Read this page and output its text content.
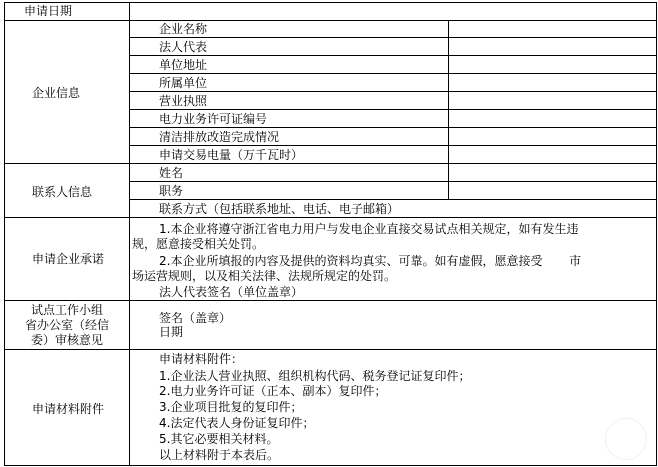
申请日期
企业信息
企业名称
法人代表
单位地址
所属单位
营业执照
电力业务许可证编号
清洁排放改造完成情况
申请交易电量（万千瓦时）
联系人信息
姓名
职务
联系方式（包括联系地址、电话、电子邮箱）
申请企业承诺
1.本企业将遵守浙江省电力用户与发电企业直接交易试点相关规定，如有发生违
规，愿意接受相关处罚。
2.本企业所填报的内容及提供的资料均真实、可靠。如有虚假，愿意接受       市
场运营规则，以及相关法律、法规所规定的处罚。
法人代表签名（单位盖章）
试点工作小组
省办公室（经信
委）审核意见
签名（盖章）
日期
申请材料附件
申请材料附件：
1.企业法人营业执照、组织机构代码、税务登记证复印件；
2.电力业务许可证（正本、副本）复印件；
3.企业项目批复的复印件；
4.法定代表人身份证复印件；
5.其它必要相关材料。
以上材料附于本表后。
